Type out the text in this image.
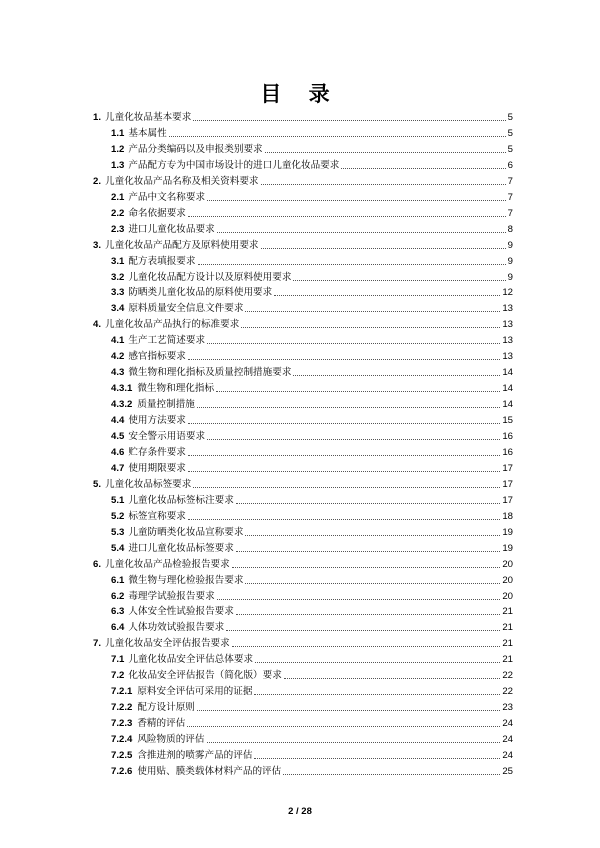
目 录
1. 儿童化妆品基本要求	5
1.1 基本属性	5
1.2 产品分类编码以及申报类别要求	5
1.3 产品配方专为中国市场设计的进口儿童化妆品要求	6
2. 儿童化妆品产品名称及相关资料要求	7
2.1 产品中文名称要求	7
2.2 命名依据要求	7
2.3 进口儿童化妆品要求	8
3. 儿童化妆品产品配方及原料使用要求	9
3.1 配方表填报要求	9
3.2 儿童化妆品配方设计以及原料使用要求	9
3.3 防晒类儿童化妆品的原料使用要求	12
3.4 原料质量安全信息文件要求	13
4. 儿童化妆品产品执行的标准要求	13
4.1 生产工艺简述要求	13
4.2 感官指标要求	13
4.3 微生物和理化指标及质量控制措施要求	14
4.3.1 微生物和理化指标	14
4.3.2 质量控制措施	14
4.4 使用方法要求	15
4.5 安全警示用语要求	16
4.6 贮存条件要求	16
4.7 使用期限要求	17
5. 儿童化妆品标签要求	17
5.1 儿童化妆品标签标注要求	17
5.2 标签宣称要求	18
5.3 儿童防晒类化妆品宣称要求	19
5.4 进口儿童化妆品标签要求	19
6. 儿童化妆品产品检验报告要求	20
6.1 微生物与理化检验报告要求	20
6.2 毒理学试验报告要求	20
6.3 人体安全性试验报告要求	21
6.4 人体功效试验报告要求	21
7. 儿童化妆品安全评估报告要求	21
7.1 儿童化妆品安全评估总体要求	21
7.2 化妆品安全评估报告（简化版）要求	22
7.2.1 原料安全评估可采用的证据	22
7.2.2 配方设计原则	23
7.2.3 香精的评估	24
7.2.4 风险物质的评估	24
7.2.5 含推进剂的喷雾产品的评估	24
7.2.6 使用贴、膜类载体材料产品的评估	25
2 / 28
